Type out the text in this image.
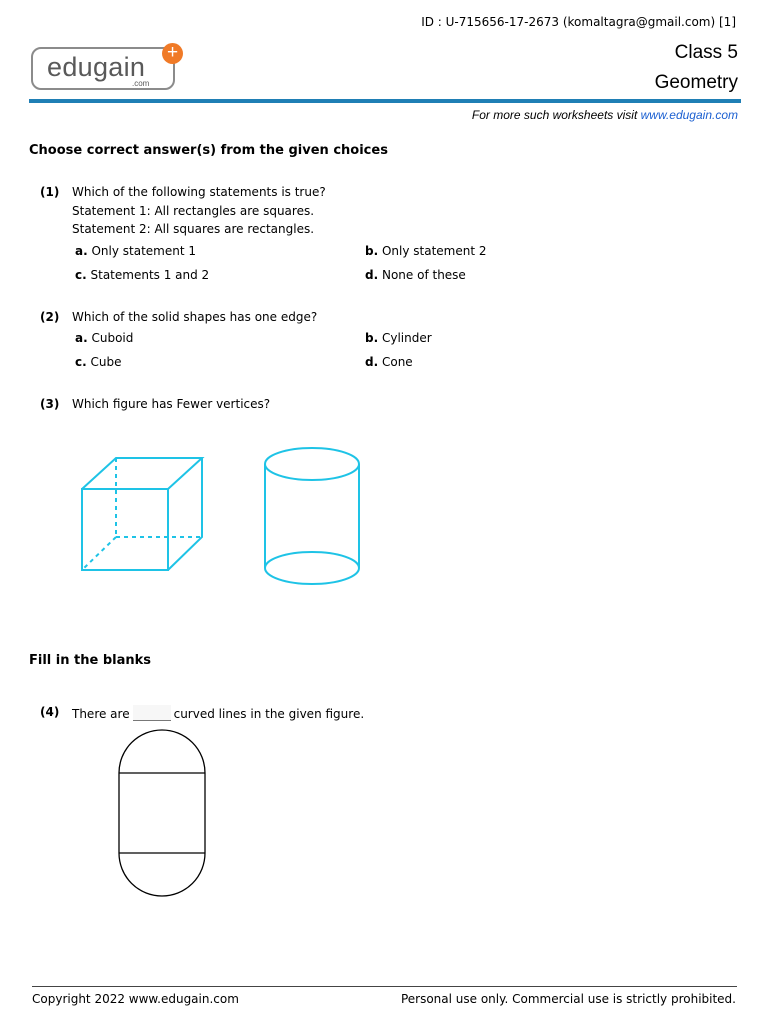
ID : U-715656-17-2673 (komaltagra@gmail.com) [1]
edugain
.com
+	Class 5
Geometry
For more such worksheets visit www.edugain.com
Choose correct answer(s) from the given choices
(1) Which of the following statements is true?
Statement 1: All rectangles are squares.
Statement 2: All squares are rectangles.
a. Only statement 1	b. Only statement 2
c. Statements 1 and 2	d. None of these
(2) Which of the solid shapes has one edge?
a. Cuboid	b. Cylinder
c. Cube	d. Cone
(3) Which figure has Fewer vertices?
Fill in the blanks
(4) There are	curved lines in the given figure.
Copyright 2022 www.edugain.com	Personal use only. Commercial use is strictly prohibited.
